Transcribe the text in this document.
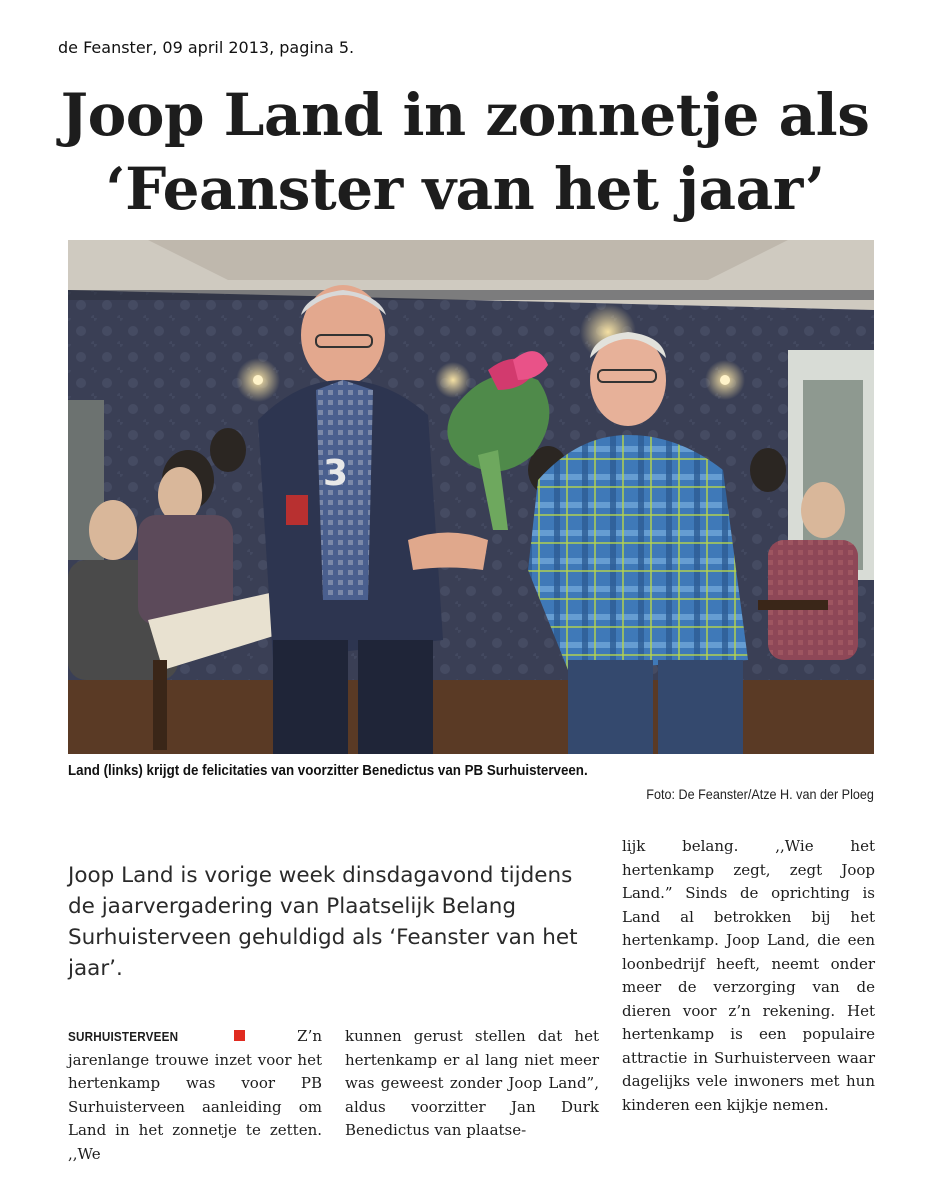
de Feanster, 09 april 2013, pagina 5.
Joop Land in zonnetje als
‘Feanster van het jaar’
3
Land (links) krijgt de felicitaties van voorzitter Benedictus van PB Surhuisterveen.
Foto: De Feanster/Atze H. van der Ploeg

Joop Land is vorige week dinsdagavond tijdens de jaarvergadering van Plaatselijk Belang Surhuisterveen gehuldigd als ‘Feanster van het jaar’.

SURHUISTERVEEN	Z’n jarenlange trouwe inzet voor het hertenkamp was voor PB Surhuisterveen aanleiding om Land in het zonnetje te zetten. ,,We

kunnen gerust stellen dat het hertenkamp er al lang niet meer was geweest zonder Joop Land”, aldus voorzitter Jan Durk Benedictus van plaatse-

lijk belang. ,,Wie het hertenkamp zegt, zegt Joop Land.” Sinds de oprichting is Land al betrokken bij het hertenkamp. Joop Land, die een loonbedrijf heeft, neemt onder meer de verzorging van de dieren voor z’n rekening. Het hertenkamp is een populaire attractie in Surhuisterveen waar dagelijks vele inwoners met hun kinderen een kijkje nemen.
